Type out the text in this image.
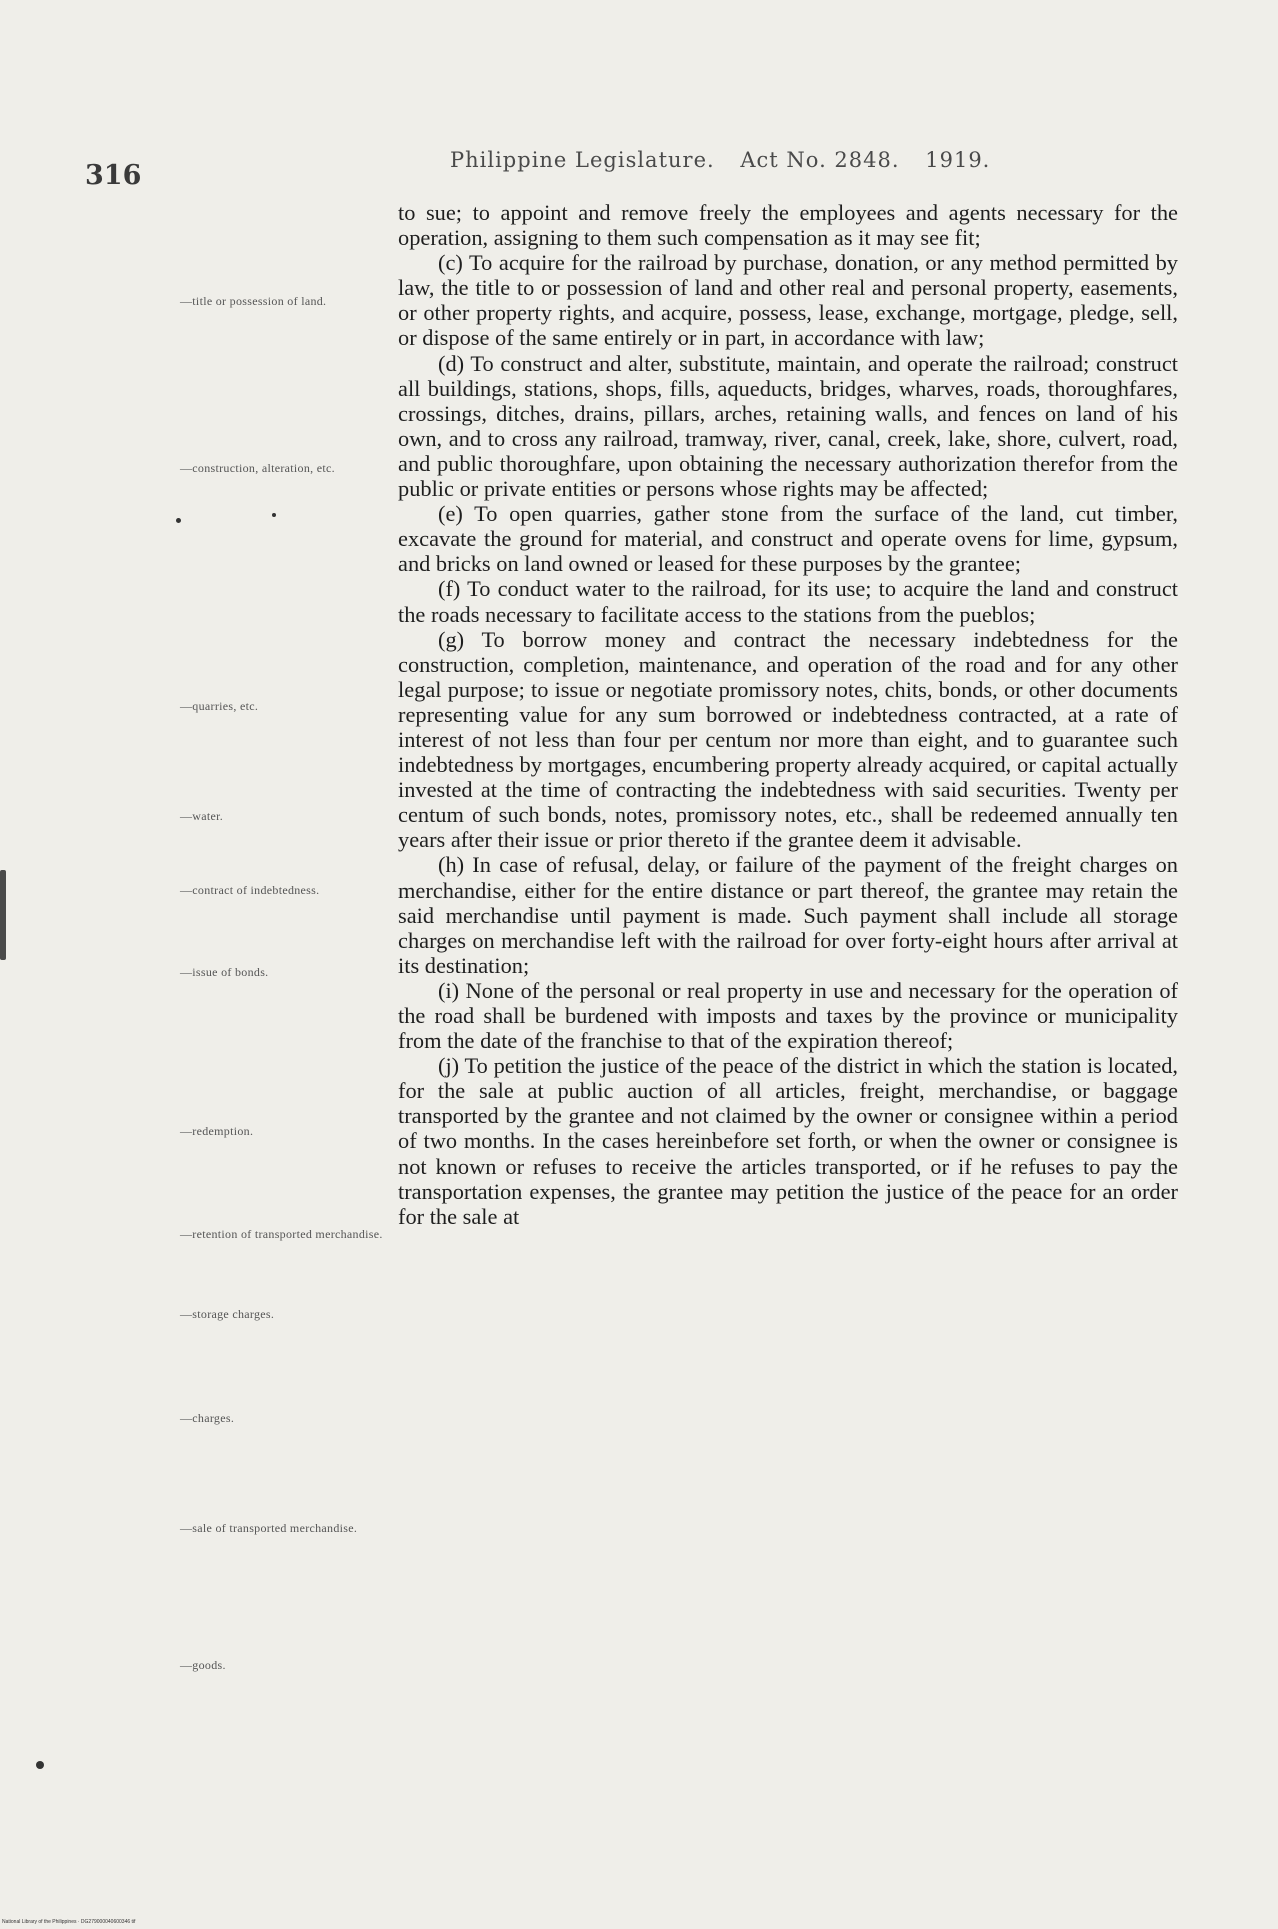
316	Philippine Legislature. Act No. 2848. 1919.

to sue; to appoint and remove freely the employees and agents necessary for the operation, assigning to them such compensation as it may see fit;

(c) To acquire for the railroad by purchase, donation, or any method permitted by law, the title to or possession of land and other real and personal property, easements, or other property rights, and acquire, possess, lease, exchange, mortgage, pledge, sell, or dispose of the same entirely or in part, in accordance with law;

(d) To construct and alter, substitute, maintain, and operate the railroad; construct all buildings, stations, shops, fills, aqueducts, bridges, wharves, roads, thoroughfares, crossings, ditches, drains, pillars, arches, retaining walls, and fences on land of his own, and to cross any railroad, tramway, river, canal, creek, lake, shore, culvert, road, and public thoroughfare, upon obtaining the necessary authorization therefor from the public or private entities or persons whose rights may be affected;

(e) To open quarries, gather stone from the surface of the land, cut timber, excavate the ground for material, and construct and operate ovens for lime, gypsum, and bricks on land owned or leased for these purposes by the grantee;

(f) To conduct water to the railroad, for its use; to acquire the land and construct the roads necessary to facilitate access to the stations from the pueblos;

(g) To borrow money and contract the necessary indebtedness for the construction, completion, maintenance, and operation of the road and for any other legal purpose; to issue or negotiate promissory notes, chits, bonds, or other documents representing value for any sum borrowed or indebtedness contracted, at a rate of interest of not less than four per centum nor more than eight, and to guarantee such indebtedness by mortgages, encumbering property already acquired, or capital actually invested at the time of contracting the indebtedness with said securities. Twenty per centum of such bonds, notes, promissory notes, etc., shall be redeemed annually ten years after their issue or prior thereto if the grantee deem it advisable.

(h) In case of refusal, delay, or failure of the payment of the freight charges on merchandise, either for the entire distance or part thereof, the grantee may retain the said merchandise until payment is made. Such payment shall include all storage charges on merchandise left with the railroad for over forty-eight hours after arrival at its destination;

(i) None of the personal or real property in use and necessary for the operation of the road shall be burdened with imposts and taxes by the province or municipality from the date of the franchise to that of the expiration thereof;

(j) To petition the justice of the peace of the district in which the station is located, for the sale at public auction of all articles, freight, merchandise, or baggage transported by the grantee and not claimed by the owner or consignee within a period of two months. In the cases hereinbefore set forth, or when the owner or consignee is not known or refuses to receive the articles transported, or if he refuses to pay the transportation expenses, the grantee may petition the justice of the peace for an order for the sale at

—title or possession of land.
—construction, alteration, etc.
—quarries, etc.
—water.
—contract of indebtedness.
—issue of bonds.
—redemption.
—retention of transported merchandise.
—storage charges.
—charges.
—sale of transported merchandise.
—goods.
National Library of the Philippines · DG279000040600346 tif
